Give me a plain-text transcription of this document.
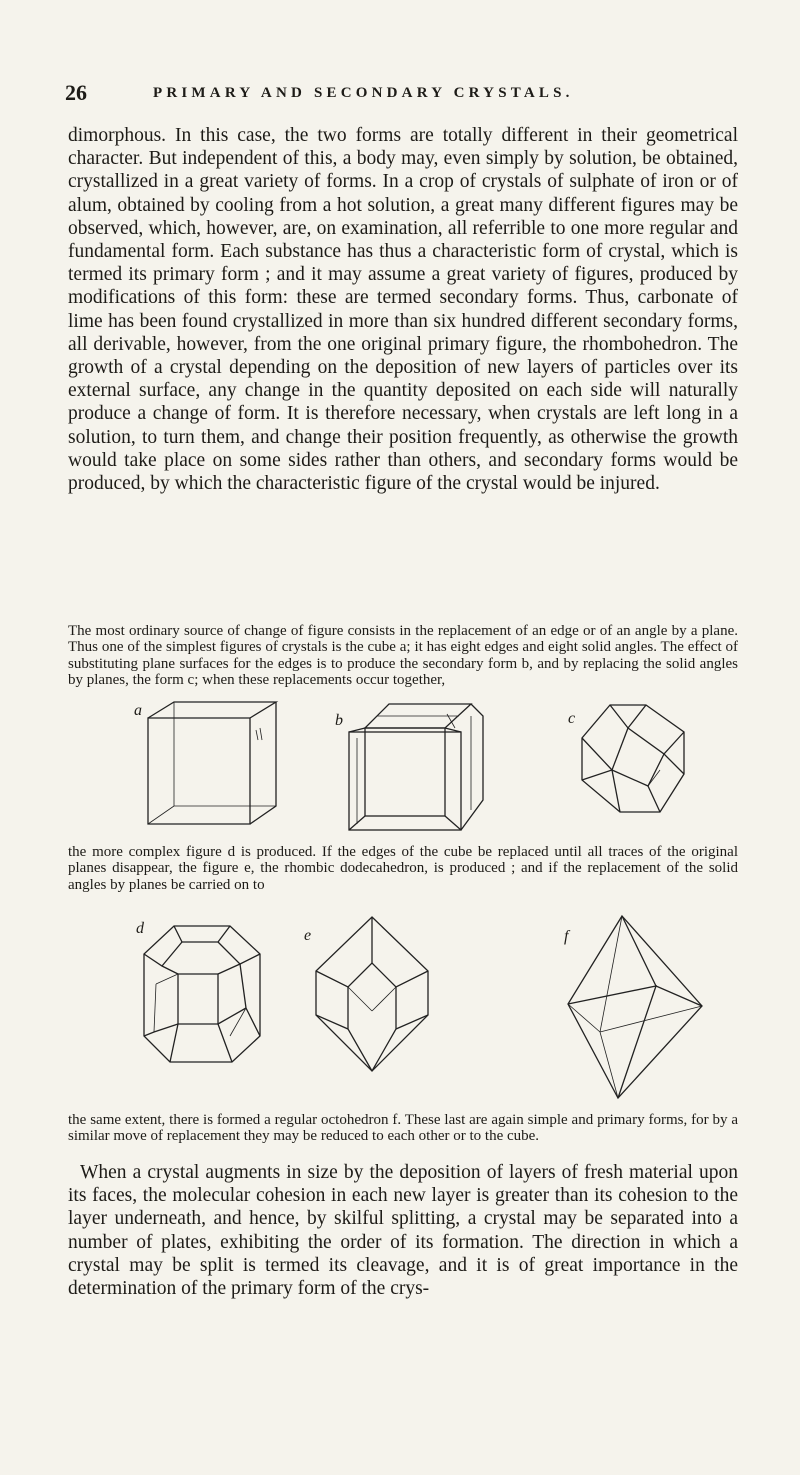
26	PRIMARY AND SECONDARY CRYSTALS.

dimorphous. In this case, the two forms are totally different in their geometrical character. But independent of this, a body may, even simply by solution, be obtained, crystallized in a great variety of forms. In a crop of crystals of sulphate of iron or of alum, obtained by cooling from a hot solution, a great many different figures may be observed, which, however, are, on examination, all referrible to one more regular and fundamental form. Each substance has thus a characteristic form of crystal, which is termed its primary form ; and it may assume a great variety of figures, produced by modifications of this form: these are termed secondary forms. Thus, carbonate of lime has been found crystallized in more than six hundred different secondary forms, all derivable, however, from the one original primary figure, the rhombohedron. The growth of a crystal depending on the deposition of new layers of particles over its external surface, any change in the quantity deposited on each side will naturally produce a change of form. It is therefore necessary, when crystals are left long in a solution, to turn them, and change their position frequently, as otherwise the growth would take place on some sides rather than others, and secondary forms would be produced, by which the characteristic figure of the crystal would be injured.

The most ordinary source of change of figure consists in the replacement of an edge or of an angle by a plane. Thus one of the simplest figures of crystals is the cube a; it has eight edges and eight solid angles. The effect of substituting plane surfaces for the edges is to produce the secondary form b, and by replacing the solid angles by planes, the form c; when these replacements occur together,

a
b	c

the more complex figure d is produced. If the edges of the cube be replaced until all traces of the original planes disappear, the figure e, the rhombic dodecahedron, is produced ; and if the replacement of the solid angles by planes be carried on to

d	e	f

the same extent, there is formed a regular octohedron f. These last are again simple and primary forms, for by a similar move of replacement they may be reduced to each other or to the cube.

When a crystal augments in size by the deposition of layers of fresh material upon its faces, the molecular cohesion in each new layer is greater than its cohesion to the layer underneath, and hence, by skilful splitting, a crystal may be separated into a number of plates, exhibiting the order of its formation. The direction in which a crystal may be split is termed its cleavage, and it is of great importance in the determination of the primary form of the crys-
